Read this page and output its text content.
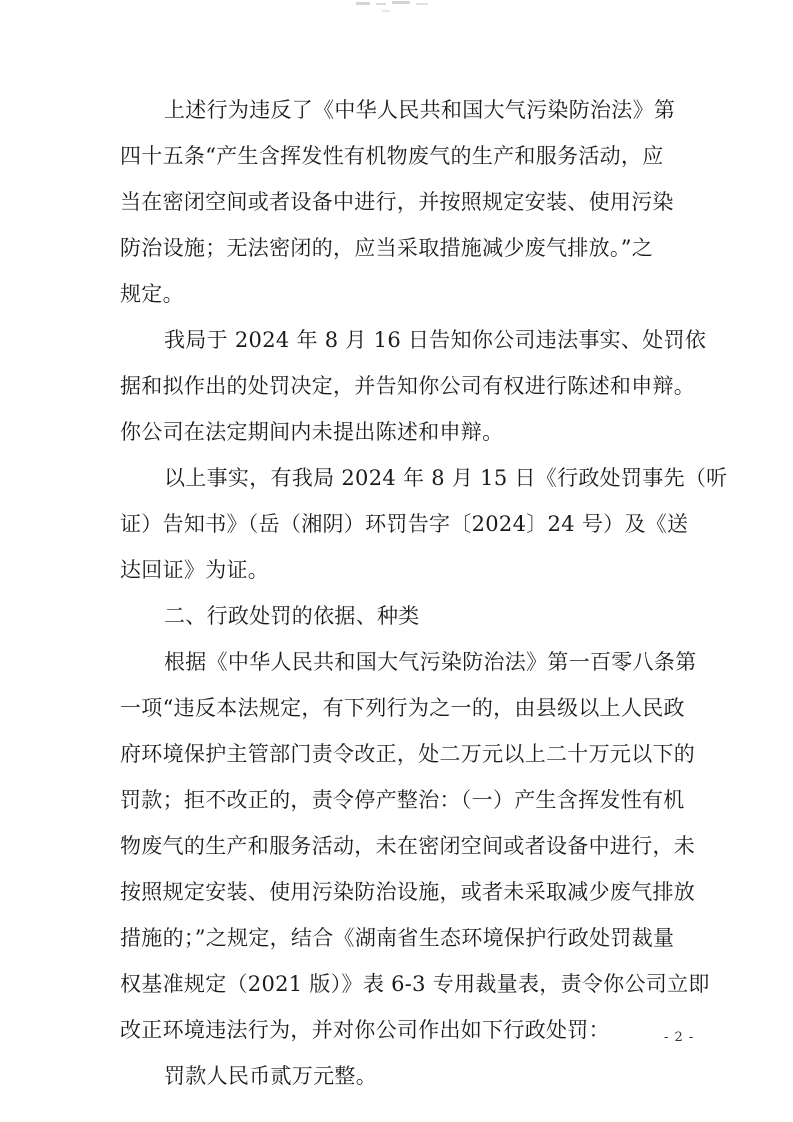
上述行为违反了《中华人民共和国大气污染防治法》第
四十五条“产生含挥发性有机物废气的生产和服务活动，应
当在密闭空间或者设备中进行，并按照规定安装、使用污染
防治设施；无法密闭的，应当采取措施减少废气排放。”之
规定。
我局于 2024 年 8 月 16 日告知你公司违法事实、处罚依
据和拟作出的处罚决定，并告知你公司有权进行陈述和申辩。
你公司在法定期间内未提出陈述和申辩。
以上事实，有我局 2024 年 8 月 15 日《行政处罚事先（听
证）告知书》（岳（湘阴）环罚告字〔2024〕24 号）及《送
达回证》为证。
二、行政处罚的依据、种类
根据《中华人民共和国大气污染防治法》第一百零八条第
一项“违反本法规定，有下列行为之一的，由县级以上人民政
府环境保护主管部门责令改正，处二万元以上二十万元以下的
罚款；拒不改正的，责令停产整治：（一）产生含挥发性有机
物废气的生产和服务活动，未在密闭空间或者设备中进行，未
按照规定安装、使用污染防治设施，或者未采取减少废气排放
措施的；”之规定，结合《湖南省生态环境保护行政处罚裁量
权基准规定（2021 版）》表 6-3 专用裁量表，责令你公司立即
改正环境违法行为，并对你公司作出如下行政处罚：
罚款人民币贰万元整。
- 2 -
